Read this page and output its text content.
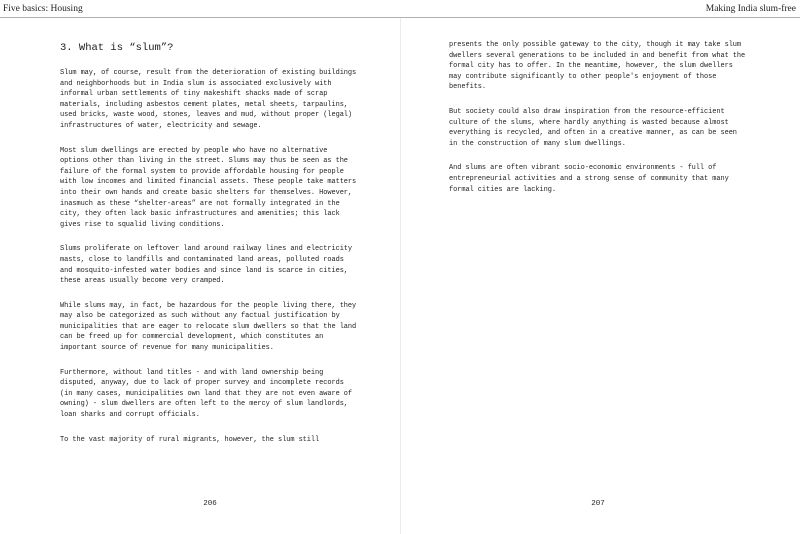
Five basics: Housing	Making India slum-free
3. What is “slum”?

Slum may, of course, result from the deterioration of existing buildings and neighborhoods but in India slum is associated exclusively with informal urban settlements of tiny makeshift shacks made of scrap materials, including asbestos cement plates, metal sheets, tarpaulins, used bricks, waste wood, stones, leaves and mud, without proper (legal) infrastructures of water, electricity and sewage.

Most slum dwellings are erected by people who have no alternative options other than living in the street. Slums may thus be seen as the failure of the formal system to provide affordable housing for people with low incomes and limited financial assets. These people take matters into their own hands and create basic shelters for themselves. However, inasmuch as these “shelter-areas” are not formally integrated in the city, they often lack basic infrastructures and amenities; this lack gives rise to squalid living conditions.

Slums proliferate on leftover land around railway lines and electricity masts, close to landfills and contaminated land areas, polluted roads and mosquito-infested water bodies and since land is scarce in cities, these areas usually become very cramped.

While slums may, in fact, be hazardous for the people living there, they may also be categorized as such without any factual justification by municipalities that are eager to relocate slum dwellers so that the land can be freed up for commercial development, which constitutes an important source of revenue for many municipalities.

Furthermore, without land titles - and with land ownership being disputed, anyway, due to lack of proper survey and incomplete records (in many cases, municipalities own land that they are not even aware of owning) - slum dwellers are often left to the mercy of slum landlords, loan sharks and corrupt officials.

To the vast majority of rural migrants, however, the slum still

206

presents the only possible gateway to the city, though it may take slum dwellers several generations to be included in and benefit from what the formal city has to offer. In the meantime, however, the slum dwellers may contribute significantly to other people's enjoyment of those benefits.

But society could also draw inspiration from the resource-efficient culture of the slums, where hardly anything is wasted because almost everything is recycled, and often in a creative manner, as can be seen in the construction of many slum dwellings.

And slums are often vibrant socio-economic environments - full of entrepreneurial activities and a strong sense of community that many formal cities are lacking.

207
